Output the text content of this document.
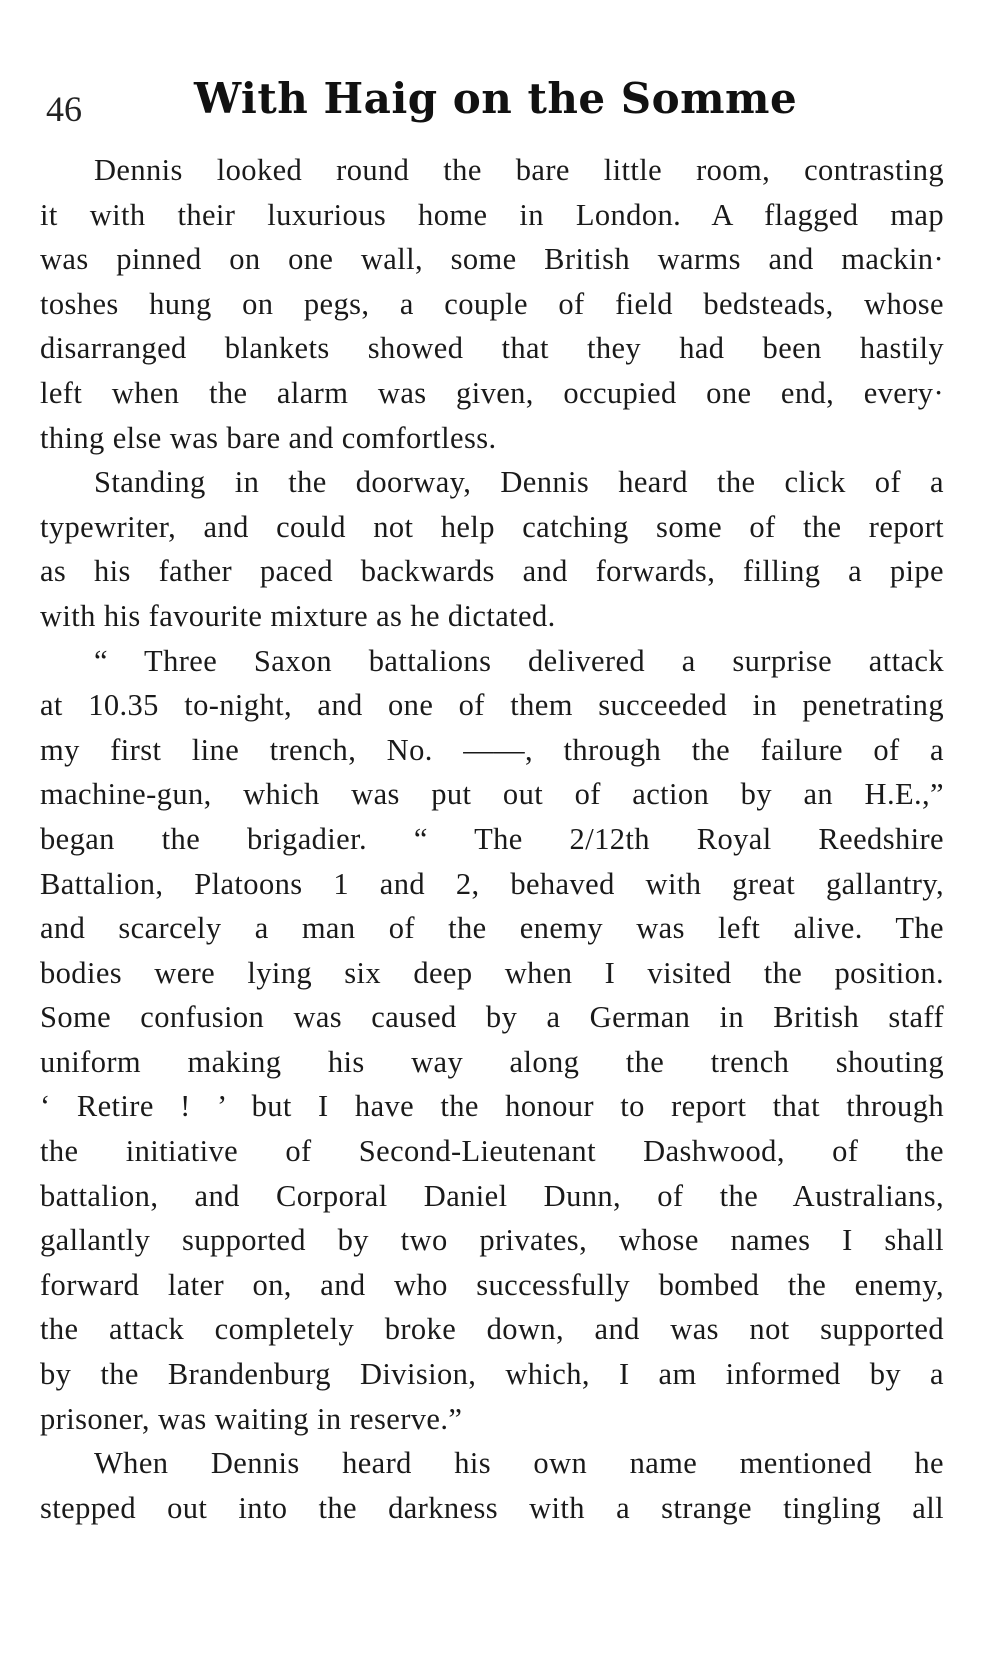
46	With Haig on the Somme
Dennis looked round the bare little room, contrasting
it with their luxurious home in London. A flagged map
was pinned on one wall, some British warms and mackin·
toshes hung on pegs, a couple of field bedsteads, whose
disarranged blankets showed that they had been hastily
left when the alarm was given, occupied one end, every·
thing else was bare and comfortless.
Standing in the doorway, Dennis heard the click of a
typewriter, and could not help catching some of the report
as his father paced backwards and forwards, filling a pipe
with his favourite mixture as he dictated.
“ Three Saxon battalions delivered a surprise attack
at 10.35 to-night, and one of them succeeded in penetrating
my first line trench, No. ——, through the failure of a
machine-gun, which was put out of action by an H.E.,”
began the brigadier. “ The 2/12th Royal Reedshire
Battalion, Platoons 1 and 2, behaved with great gallantry,
and scarcely a man of the enemy was left alive. The
bodies were lying six deep when I visited the position.
Some confusion was caused by a German in British staff
uniform making his way along the trench shouting
‘ Retire ! ’ but I have the honour to report that through
the initiative of Second-Lieutenant Dashwood, of the
battalion, and Corporal Daniel Dunn, of the Australians,
gallantly supported by two privates, whose names I shall
forward later on, and who successfully bombed the enemy,
the attack completely broke down, and was not supported
by the Brandenburg Division, which, I am informed by a
prisoner, was waiting in reserve.”
When Dennis heard his own name mentioned he
stepped out into the darkness with a strange tingling all
